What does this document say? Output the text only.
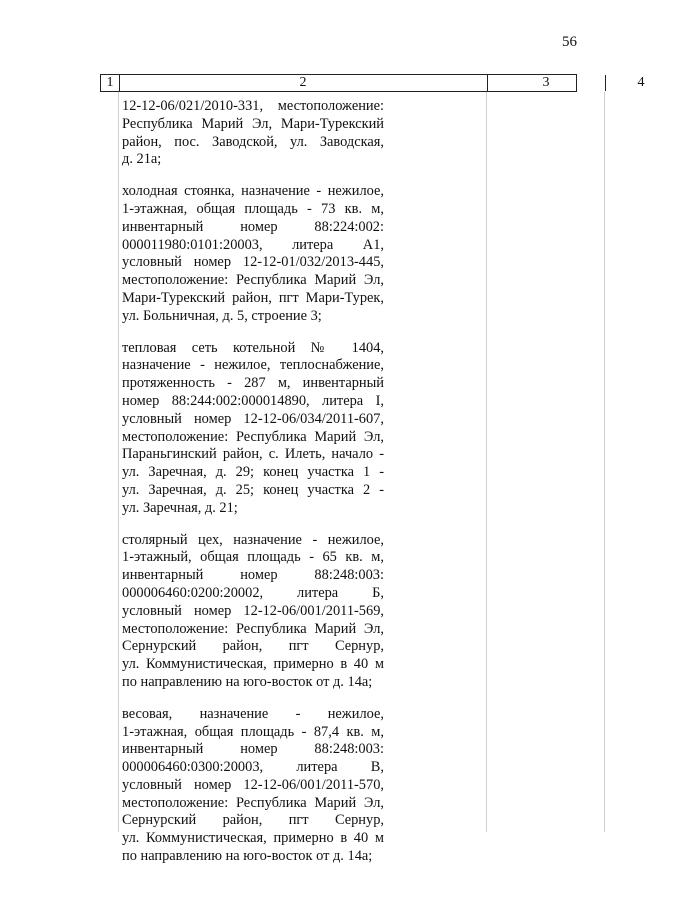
56
1	2	3	4
12-12-06/021/2010-331, местоположение:
Республика Марий Эл, Мари-Турекский
район, пос. Заводской, ул. Заводская,
д. 21а;
холодная стоянка, назначение - нежилое,
1-этажная, общая площадь - 73 кв. м,
инвентарный номер 88:224:002:
000011980:0101:20003, литера А1,
условный номер 12-12-01/032/2013-445,
местоположение: Республика Марий Эл,
Мари-Турекский район, пгт Мари-Турек,
ул. Больничная, д. 5, строение 3;
тепловая сеть котельной № 1404,
назначение - нежилое, теплоснабжение,
протяженность - 287 м, инвентарный
номер 88:244:002:000014890, литера I,
условный номер 12-12-06/034/2011-607,
местоположение: Республика Марий Эл,
Параньгинский район, с. Илеть, начало -
ул. Заречная, д. 29; конец участка 1 -
ул. Заречная, д. 25; конец участка 2 -
ул. Заречная, д. 21;
столярный цех, назначение - нежилое,
1-этажный, общая площадь - 65 кв. м,
инвентарный номер 88:248:003:
000006460:0200:20002, литера Б,
условный номер 12-12-06/001/2011-569,
местоположение: Республика Марий Эл,
Сернурский район, пгт Сернур,
ул. Коммунистическая, примерно в 40 м
по направлению на юго-восток от д. 14а;
весовая, назначение - нежилое,
1-этажная, общая площадь - 87,4 кв. м,
инвентарный номер 88:248:003:
000006460:0300:20003, литера В,
условный номер 12-12-06/001/2011-570,
местоположение: Республика Марий Эл,
Сернурский район, пгт Сернур,
ул. Коммунистическая, примерно в 40 м
по направлению на юго-восток от д. 14а;
